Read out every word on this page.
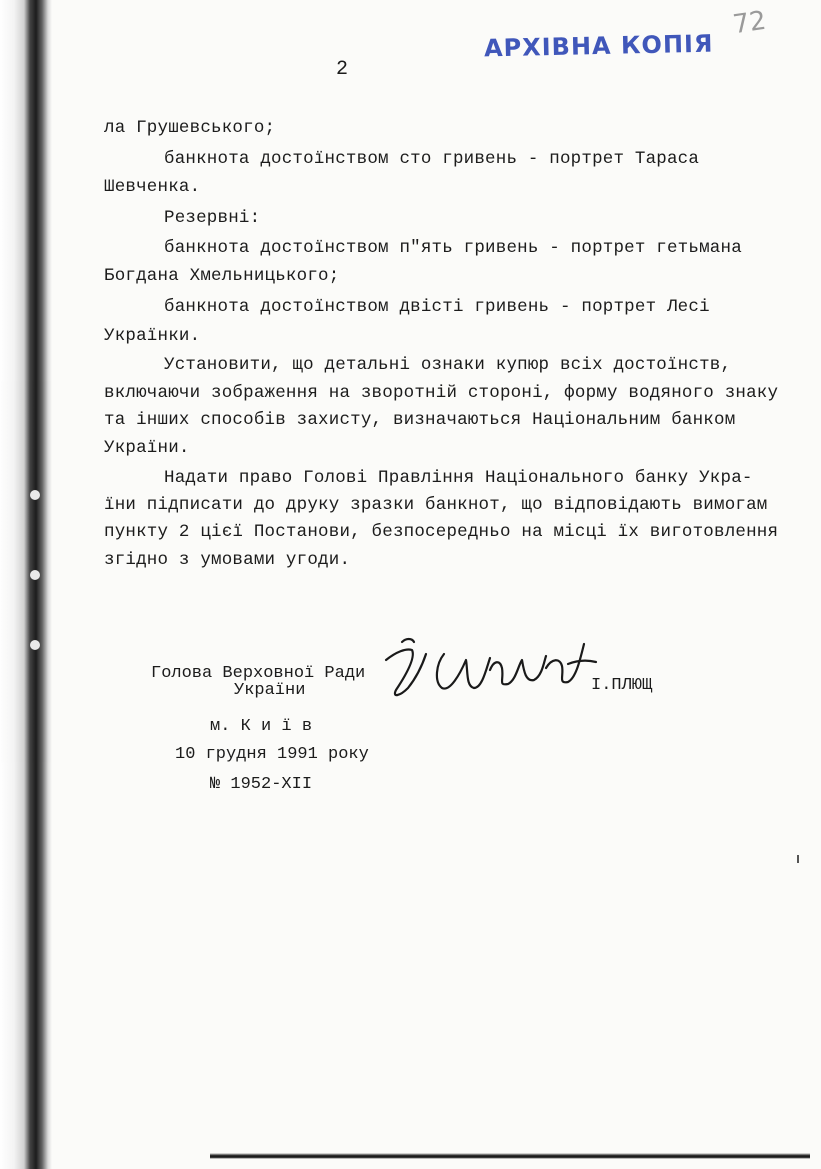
72
АРХІВНА КОПІЯ
2
ла Грушевського;
банкнота достоїнством сто гривень - портрет Тараса
Шевченка.
Резервні:
банкнота достоїнством п"ять гривень - портрет гетьмана
Богдана Хмельницького;
банкнота достоїнством двісті гривень - портрет Лесі
Українки.
Установити, що детальні ознаки купюр всіх достоїнств,
включаючи зображення на зворотній стороні, форму водяного знаку
та інших способів захисту, визначаються Національним банком
України.
Надати право Голові Правління Національного банку Укра-
їни підписати до друку зразки банкнот, що відповідають вимогам
пункту 2 цієї Постанови, безпосередньо на місці їх виготовлення
згідно з умовами угоди.
Голова Верховної Ради
України	І.ПЛЮЩ
м. К и ї в
10 грудня 1991 року
№ 1952-ХІІ
